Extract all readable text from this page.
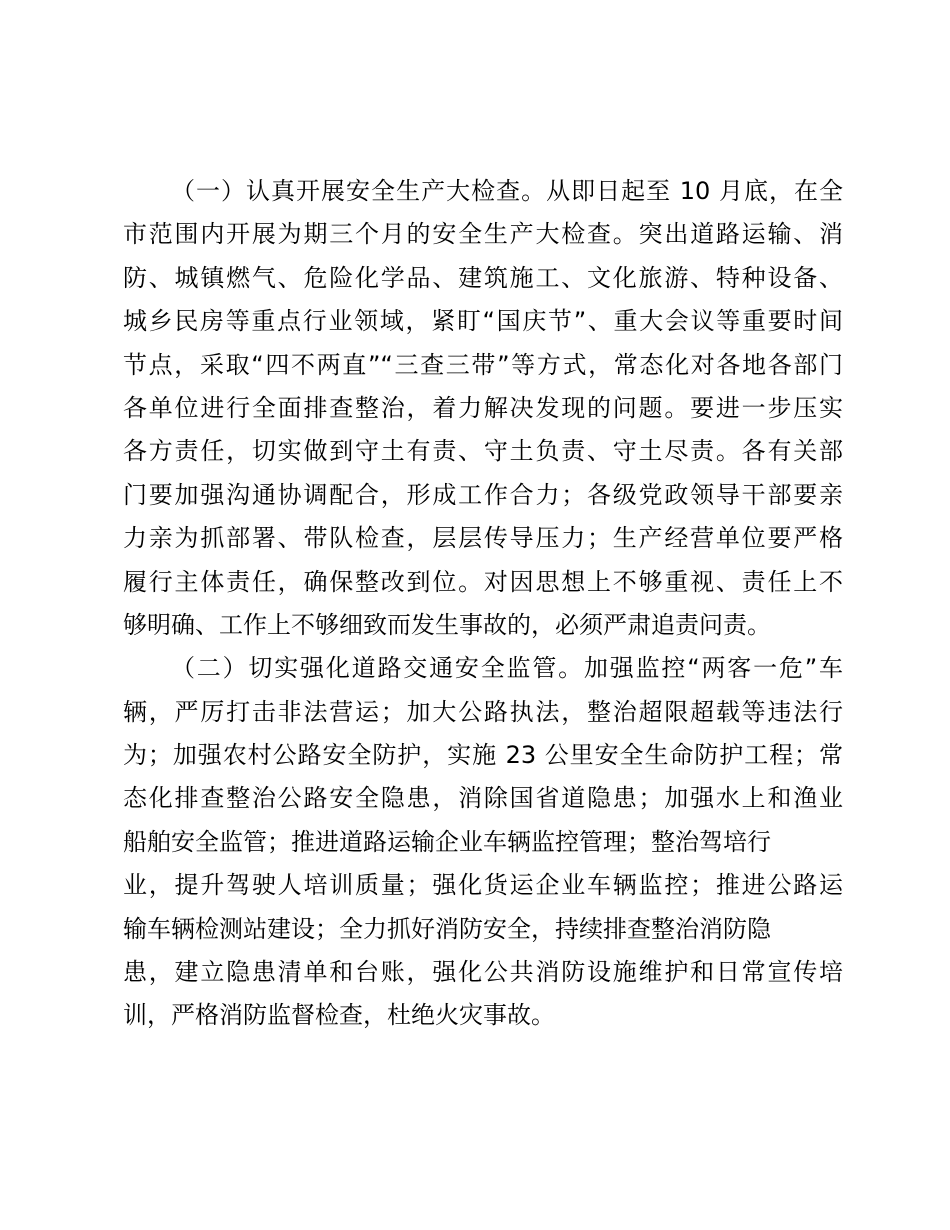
（一）认真开展安全生产大检查。从即日起至 10 月底，在全
市范围内开展为期三个月的安全生产大检查。突出道路运输、消
防、城镇燃气、危险化学品、建筑施工、文化旅游、特种设备、
城乡民房等重点行业领域，紧盯“国庆节”、重大会议等重要时间
节点，采取“四不两直”“三查三带”等方式，常态化对各地各部门
各单位进行全面排查整治，着力解决发现的问题。要进一步压实
各方责任，切实做到守土有责、守土负责、守土尽责。各有关部
门要加强沟通协调配合，形成工作合力；各级党政领导干部要亲
力亲为抓部署、带队检查，层层传导压力；生产经营单位要严格
履行主体责任，确保整改到位。对因思想上不够重视、责任上不
够明确、工作上不够细致而发生事故的，必须严肃追责问责。
（二）切实强化道路交通安全监管。加强监控“两客一危”车
辆，严厉打击非法营运；加大公路执法，整治超限超载等违法行
为；加强农村公路安全防护，实施 23 公里安全生命防护工程；常
态化排查整治公路安全隐患，消除国省道隐患；加强水上和渔业
船舶安全监管；推进道路运输企业车辆监控管理；整治驾培行
业，提升驾驶人培训质量；强化货运企业车辆监控；推进公路运
输车辆检测站建设；全力抓好消防安全，持续排查整治消防隐
患，建立隐患清单和台账，强化公共消防设施维护和日常宣传培
训，严格消防监督检查，杜绝火灾事故。
